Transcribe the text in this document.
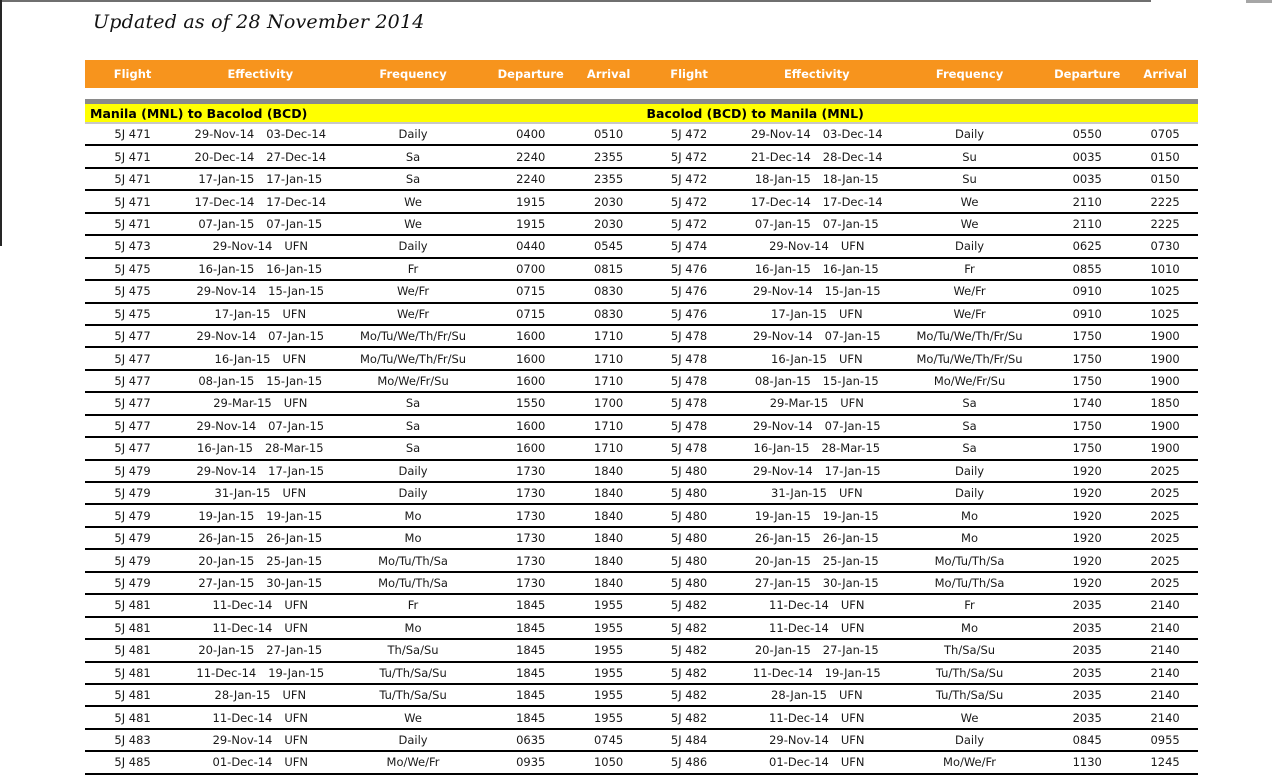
Updated as of 28 November 2014
Flight	Effectivity	Frequency	Departure	Arrival	Flight	Effectivity	Frequency	Departure	Arrival
Manila (MNL) to Bacolod (BCD)	Bacolod (BCD) to Manila (MNL)
5J 471	29-Nov-14 03-Dec-14	Daily	0400	0510	5J 472	29-Nov-14 03-Dec-14	Daily	0550	0705
5J 471	20-Dec-14 27-Dec-14	Sa	2240	2355	5J 472	21-Dec-14 28-Dec-14	Su	0035	0150
5J 471	17-Jan-15 17-Jan-15	Sa	2240	2355	5J 472	18-Jan-15 18-Jan-15	Su	0035	0150
5J 471	17-Dec-14 17-Dec-14	We	1915	2030	5J 472	17-Dec-14 17-Dec-14	We	2110	2225
5J 471	07-Jan-15 07-Jan-15	We	1915	2030	5J 472	07-Jan-15 07-Jan-15	We	2110	2225
5J 473	29-Nov-14 UFN	Daily	0440	0545	5J 474	29-Nov-14 UFN	Daily	0625	0730
5J 475	16-Jan-15 16-Jan-15	Fr	0700	0815	5J 476	16-Jan-15 16-Jan-15	Fr	0855	1010
5J 475	29-Nov-14 15-Jan-15	We/Fr	0715	0830	5J 476	29-Nov-14 15-Jan-15	We/Fr	0910	1025
5J 475	17-Jan-15 UFN	We/Fr	0715	0830	5J 476	17-Jan-15 UFN	We/Fr	0910	1025
5J 477	29-Nov-14 07-Jan-15	Mo/Tu/We/Th/Fr/Su	1600	1710	5J 478	29-Nov-14 07-Jan-15	Mo/Tu/We/Th/Fr/Su	1750	1900
5J 477	16-Jan-15 UFN	Mo/Tu/We/Th/Fr/Su	1600	1710	5J 478	16-Jan-15 UFN	Mo/Tu/We/Th/Fr/Su	1750	1900
5J 477	08-Jan-15 15-Jan-15	Mo/We/Fr/Su	1600	1710	5J 478	08-Jan-15 15-Jan-15	Mo/We/Fr/Su	1750	1900
5J 477	29-Mar-15 UFN	Sa	1550	1700	5J 478	29-Mar-15 UFN	Sa	1740	1850
5J 477	29-Nov-14 07-Jan-15	Sa	1600	1710	5J 478	29-Nov-14 07-Jan-15	Sa	1750	1900
5J 477	16-Jan-15 28-Mar-15	Sa	1600	1710	5J 478	16-Jan-15 28-Mar-15	Sa	1750	1900
5J 479	29-Nov-14 17-Jan-15	Daily	1730	1840	5J 480	29-Nov-14 17-Jan-15	Daily	1920	2025
5J 479	31-Jan-15 UFN	Daily	1730	1840	5J 480	31-Jan-15 UFN	Daily	1920	2025
5J 479	19-Jan-15 19-Jan-15	Mo	1730	1840	5J 480	19-Jan-15 19-Jan-15	Mo	1920	2025
5J 479	26-Jan-15 26-Jan-15	Mo	1730	1840	5J 480	26-Jan-15 26-Jan-15	Mo	1920	2025
5J 479	20-Jan-15 25-Jan-15	Mo/Tu/Th/Sa	1730	1840	5J 480	20-Jan-15 25-Jan-15	Mo/Tu/Th/Sa	1920	2025
5J 479	27-Jan-15 30-Jan-15	Mo/Tu/Th/Sa	1730	1840	5J 480	27-Jan-15 30-Jan-15	Mo/Tu/Th/Sa	1920	2025
5J 481	11-Dec-14 UFN	Fr	1845	1955	5J 482	11-Dec-14 UFN	Fr	2035	2140
5J 481	11-Dec-14 UFN	Mo	1845	1955	5J 482	11-Dec-14 UFN	Mo	2035	2140
5J 481	20-Jan-15 27-Jan-15	Th/Sa/Su	1845	1955	5J 482	20-Jan-15 27-Jan-15	Th/Sa/Su	2035	2140
5J 481	11-Dec-14 19-Jan-15	Tu/Th/Sa/Su	1845	1955	5J 482	11-Dec-14 19-Jan-15	Tu/Th/Sa/Su	2035	2140
5J 481	28-Jan-15 UFN	Tu/Th/Sa/Su	1845	1955	5J 482	28-Jan-15 UFN	Tu/Th/Sa/Su	2035	2140
5J 481	11-Dec-14 UFN	We	1845	1955	5J 482	11-Dec-14 UFN	We	2035	2140
5J 483	29-Nov-14 UFN	Daily	0635	0745	5J 484	29-Nov-14 UFN	Daily	0845	0955
5J 485	01-Dec-14 UFN	Mo/We/Fr	0935	1050	5J 486	01-Dec-14 UFN	Mo/We/Fr	1130	1245
